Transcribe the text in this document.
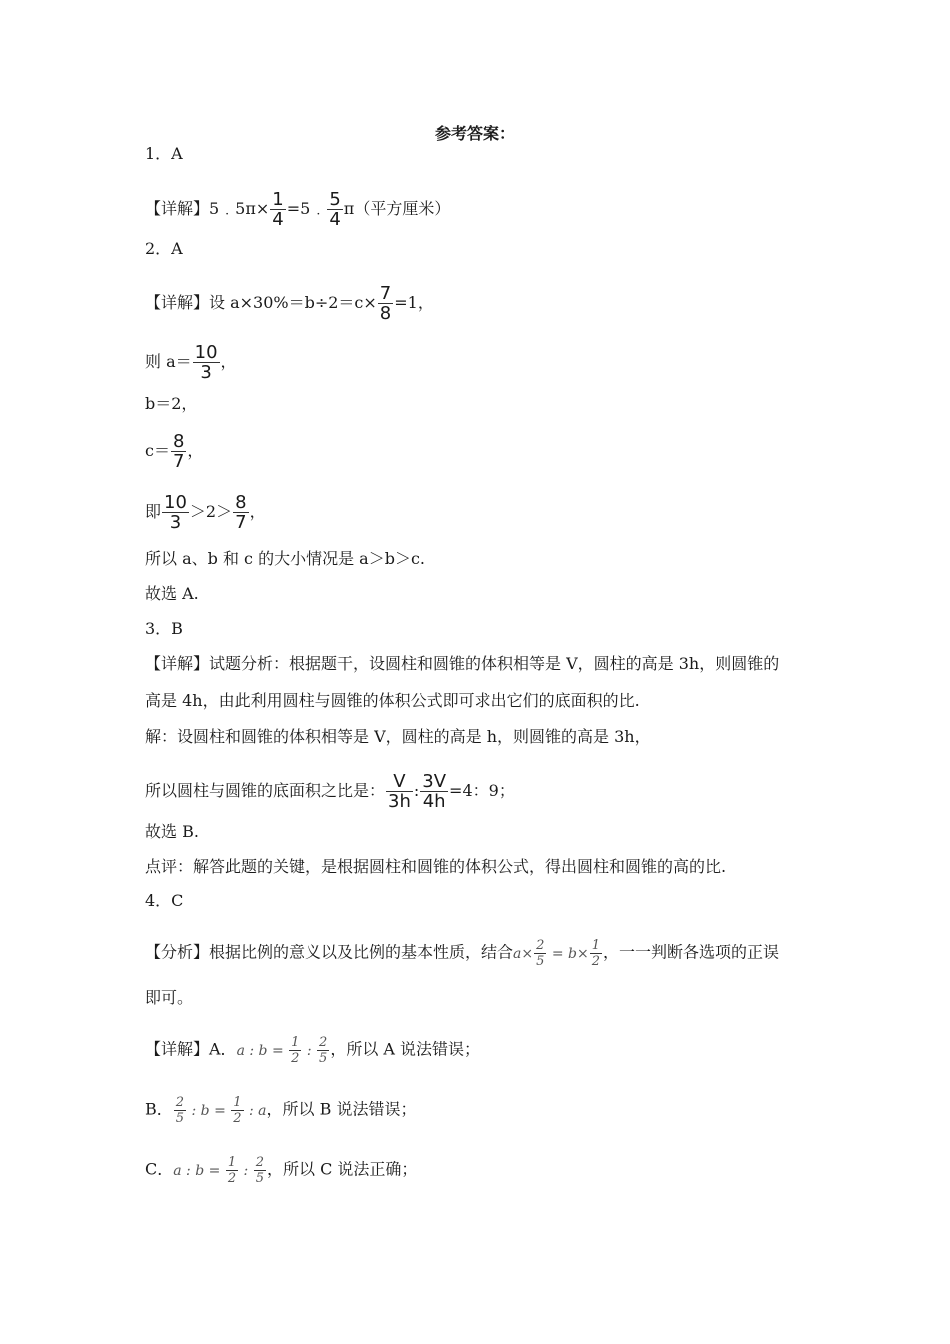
参考答案：
1．A
【详解】5﹒5π× $\frac{1}{4}$ =5﹒ $\frac{5}{4} \pi$（平方厘米）
2．A
【详解】设 $a\times 30\%=b\div 2=c\times \frac{7}{8} =1$，
则 $a= \frac{10}{3}$ ，
b＝2，
$c= \frac{8}{7}$ ，
即 $\frac{10}{3} >2> \frac{8}{7}$ ，
所以 a、b 和 c 的大小情况是 a＞b＞c.
故选 A.
3．B
【详解】试题分析：根据题干，设圆柱和圆锥的体积相等是 V，圆柱的高是 3h，则圆锥的
高是 4h，由此利用圆柱与圆锥的体积公式即可求出它们的底面积的比.
解：设圆柱和圆锥的体积相等是 V，圆柱的高是 h，则圆锥的高是 3h，
所以圆柱与圆锥的底面积之比是： $\frac{V}{3h}$ : $\frac{3V}{4h} =4$：9；
故选 B.
点评：解答此题的关键，是根据圆柱和圆锥的体积公式，得出圆柱和圆锥的高的比.
4．C
【分析】根据比例的意义以及比例的基本性质，结合$a\times \frac{2}{5} = b\times \frac{1}{2}$ ，一一判断各选项的正误
即可。
【详解】A．a : $b = \frac{1}{2}$ : $\frac{2}{5}$ ，所以 A 说法错误；
B． $\frac{2}{5}$ : $b = \frac{1}{2}$ : a，所以 B 说法错误；
C．a : $b = \frac{1}{2}$ : $\frac{2}{5}$ ，所以 C 说法正确；
